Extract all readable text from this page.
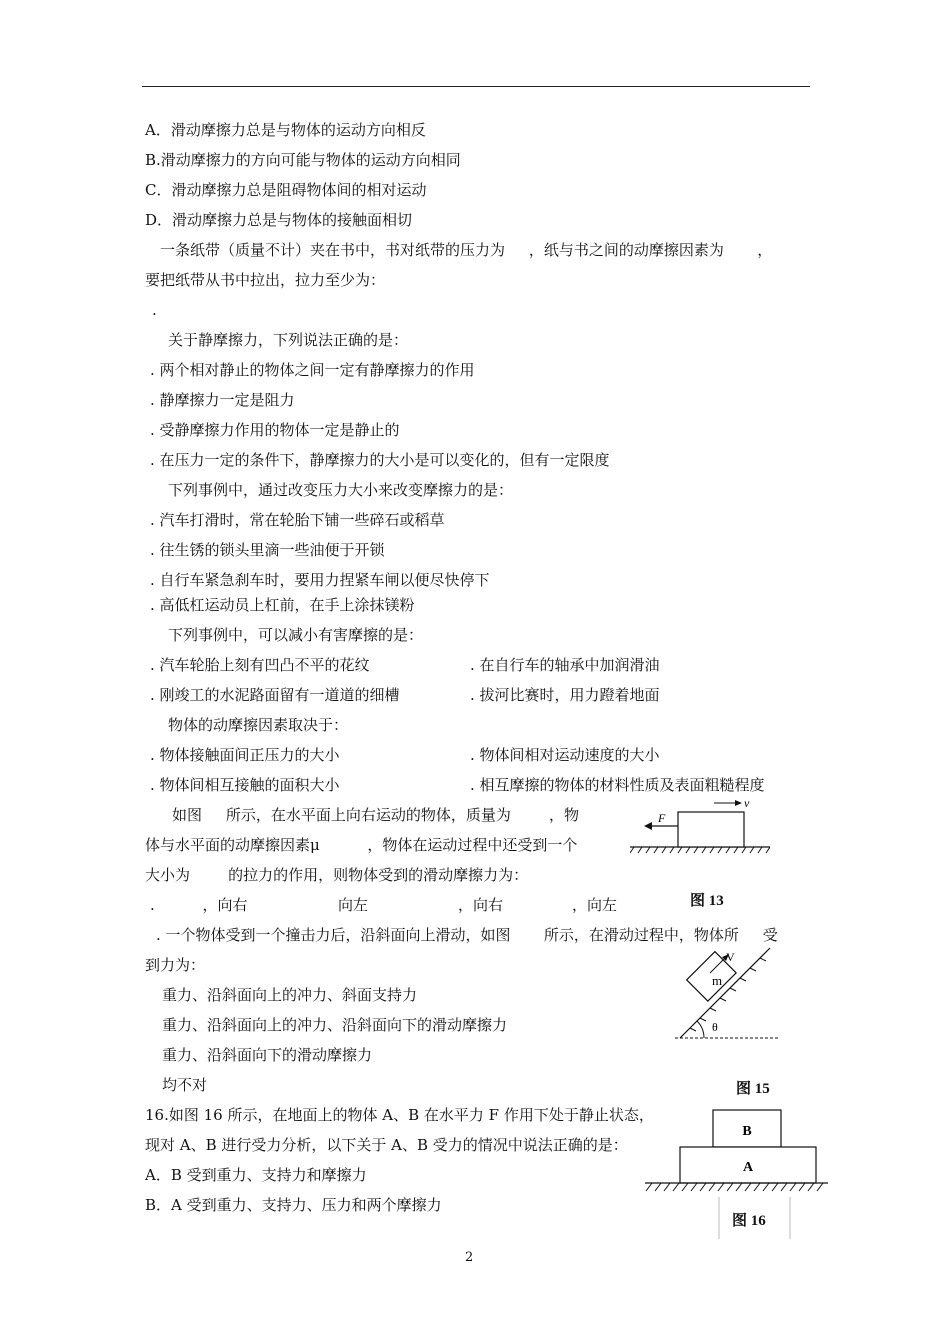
A．滑动摩擦力总是与物体的运动方向相反
B.滑动摩擦力的方向可能与物体的运动方向相同
C．滑动摩擦力总是阻碍物体间的相对运动
D．滑动摩擦力总是与物体的接触面相切
一条纸带（质量不计）夹在书中，书对纸带的压力为     ，纸与书之间的动摩擦因素为       ，
要把纸带从书中拉出，拉力至少为：
.
关于静摩擦力，下列说法正确的是：
. 两个相对静止的物体之间一定有静摩擦力的作用
. 静摩擦力一定是阻力
. 受静摩擦力作用的物体一定是静止的
. 在压力一定的条件下，静摩擦力的大小是可以变化的，但有一定限度
下列事例中，通过改变压力大小来改变摩擦力的是：
. 汽车打滑时，常在轮胎下铺一些碎石或稻草
. 往生锈的锁头里滴一些油便于开锁
. 自行车紧急刹车时，要用力捏紧车闸以便尽快停下
. 高低杠运动员上杠前，在手上涂抹镁粉
下列事例中，可以减小有害摩擦的是：
. 汽车轮胎上刻有凹凸不平的花纹	. 在自行车的轴承中加润滑油
. 刚竣工的水泥路面留有一道道的细槽	. 拔河比赛时，用力蹬着地面
物体的动摩擦因素取决于：
. 物体接触面间正压力的大小	. 物体间相对运动速度的大小
. 物体间相互接触的面积大小	. 相互摩擦的物体的材料性质及表面粗糙程度
如图     所示，在水平面上向右运动的物体，质量为        ，物
体与水平面的动摩擦因素μ          ，物体在运动过程中还受到一个
大小为        的拉力的作用，则物体受到的滑动摩擦力为：
.          ，向右	向左	，向右	，向左
. 一个物体受到一个撞击力后，沿斜面向上滑动，如图       所示，在滑动过程中，物体所     受
到力为：
重力、沿斜面向上的冲力、斜面支持力
重力、沿斜面向上的冲力、沿斜面向下的滑动摩擦力
重力、沿斜面向下的滑动摩擦力
均不对
16.如图 16 所示，在地面上的物体 A、B 在水平力 F 作用下处于静止状态，
现对 A、B 进行受力分析，以下关于 A、B 受力的情况中说法正确的是：
A．B 受到重力、支持力和摩擦力
B．A 受到重力、支持力、压力和两个摩擦力
F
v
图 13
m
V
θ
图 15
B
A
图 16
2
